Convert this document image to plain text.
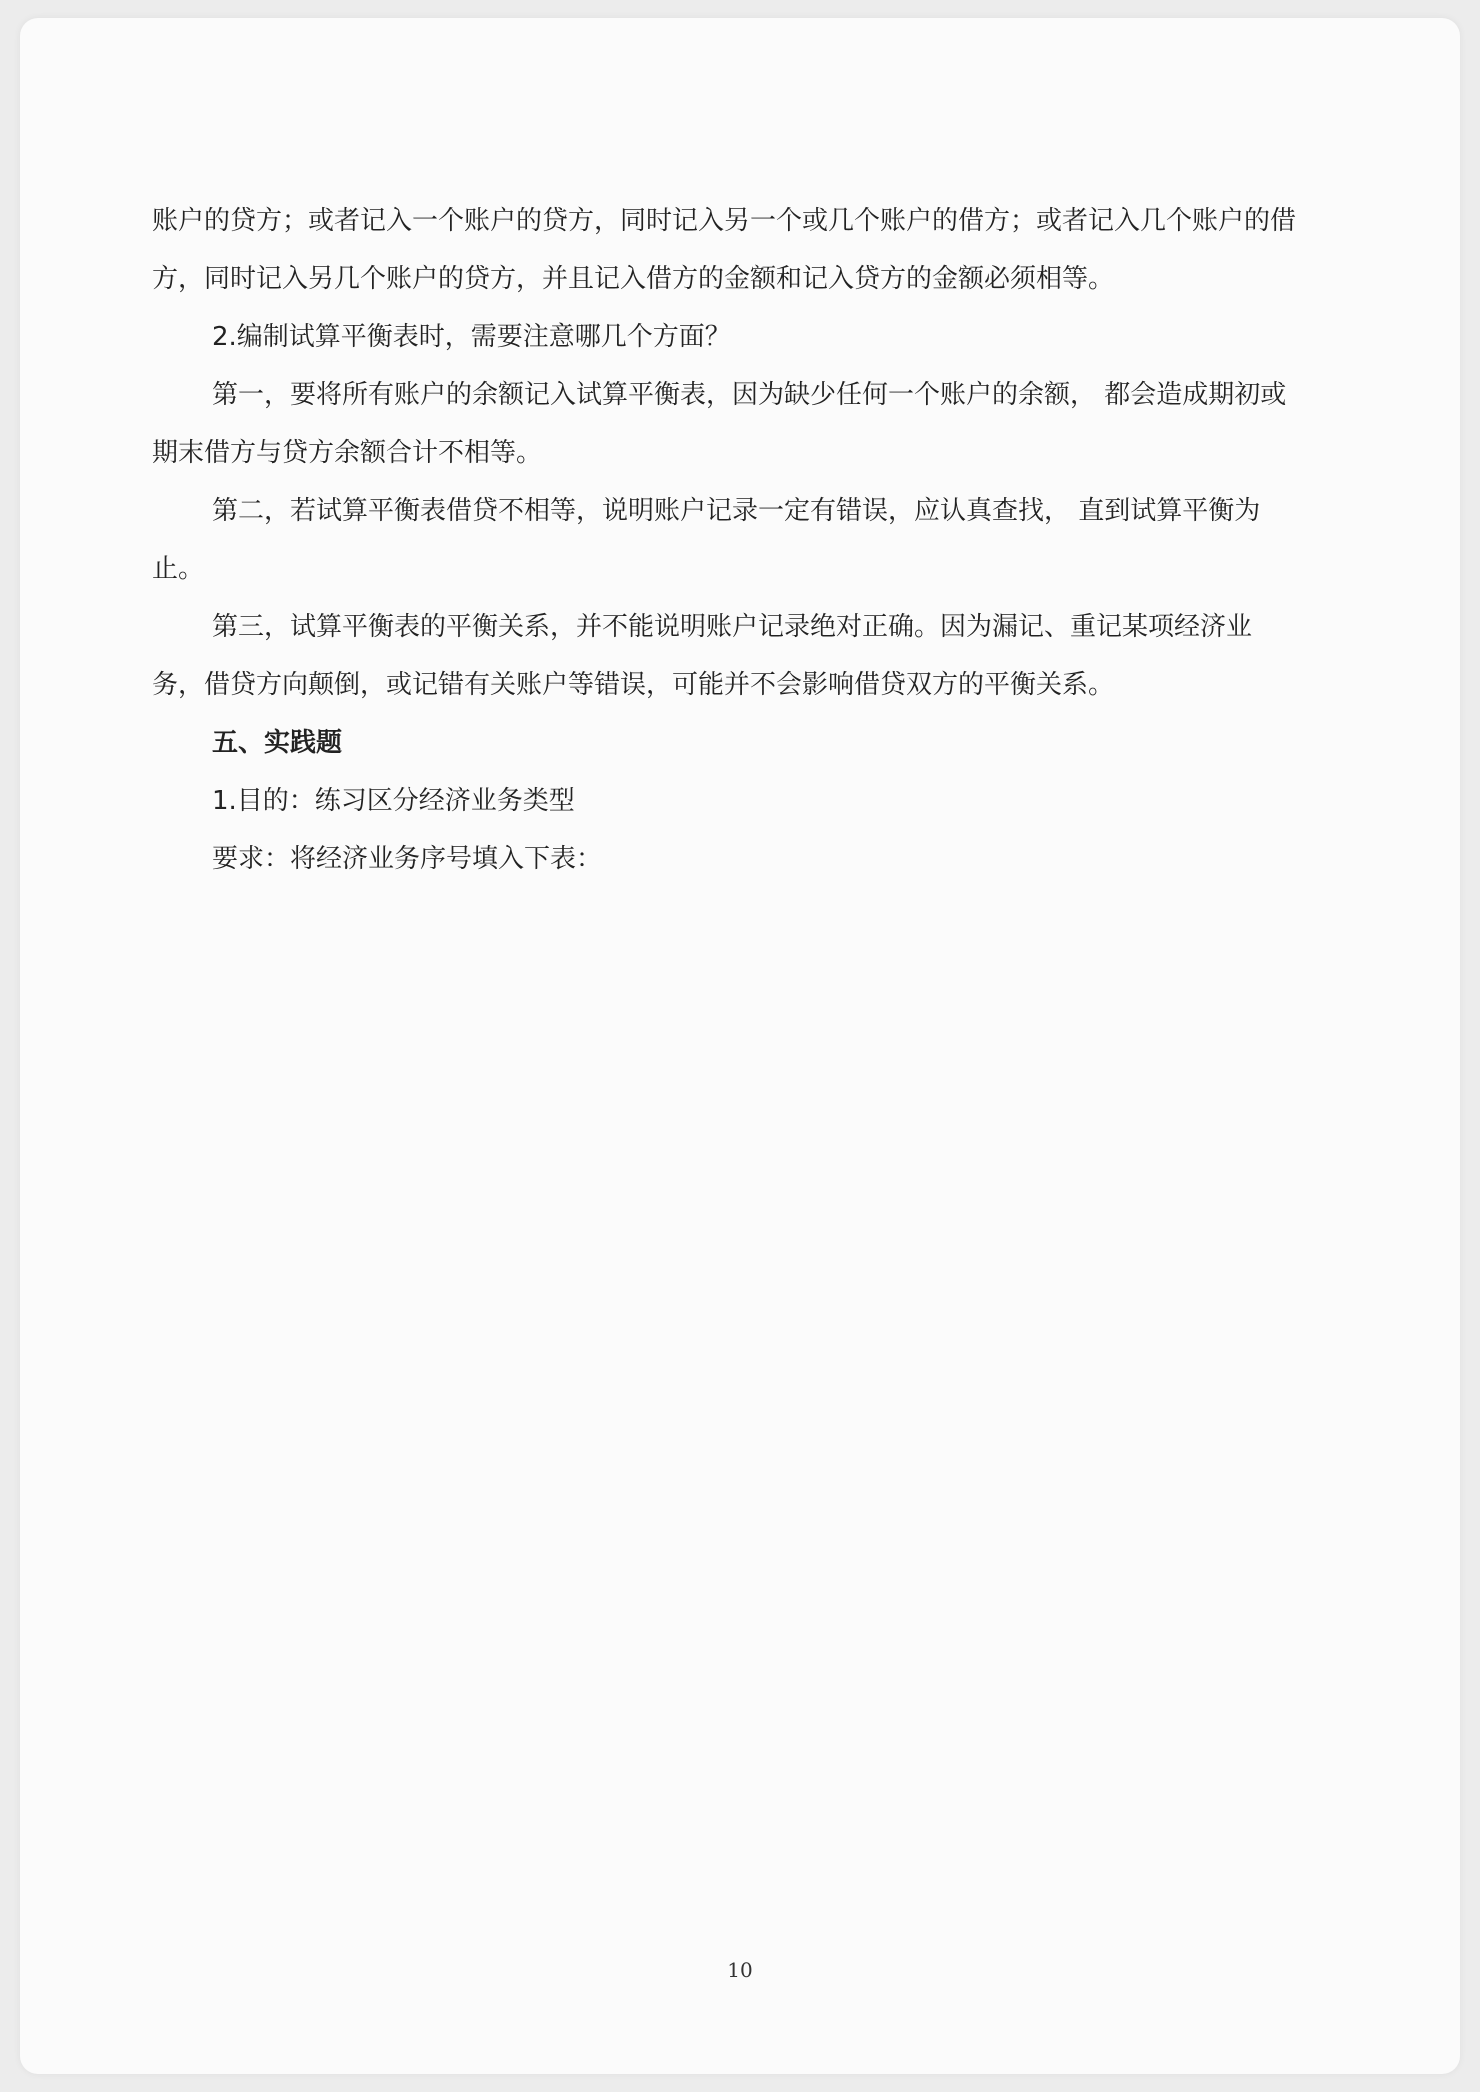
账户的贷方；或者记入一个账户的贷方，同时记入另一个或几个账户的借方；或者记入几个账户的借方，同时记入另几个账户的贷方，并且记入借方的金额和记入贷方的金额必须相等。

2.编制试算平衡表时，需要注意哪几个方面？

第一，要将所有账户的余额记入试算平衡表，因为缺少任何一个账户的余额， 都会造成期初或期末借方与贷方余额合计不相等。

第二，若试算平衡表借贷不相等，说明账户记录一定有错误，应认真查找， 直到试算平衡为止。

第三，试算平衡表的平衡关系，并不能说明账户记录绝对正确。因为漏记、重记某项经济业务，借贷方向颠倒，或记错有关账户等错误，可能并不会影响借贷双方的平衡关系。

五、实践题

1.目的：练习区分经济业务类型

要求：将经济业务序号填入下表：

10
